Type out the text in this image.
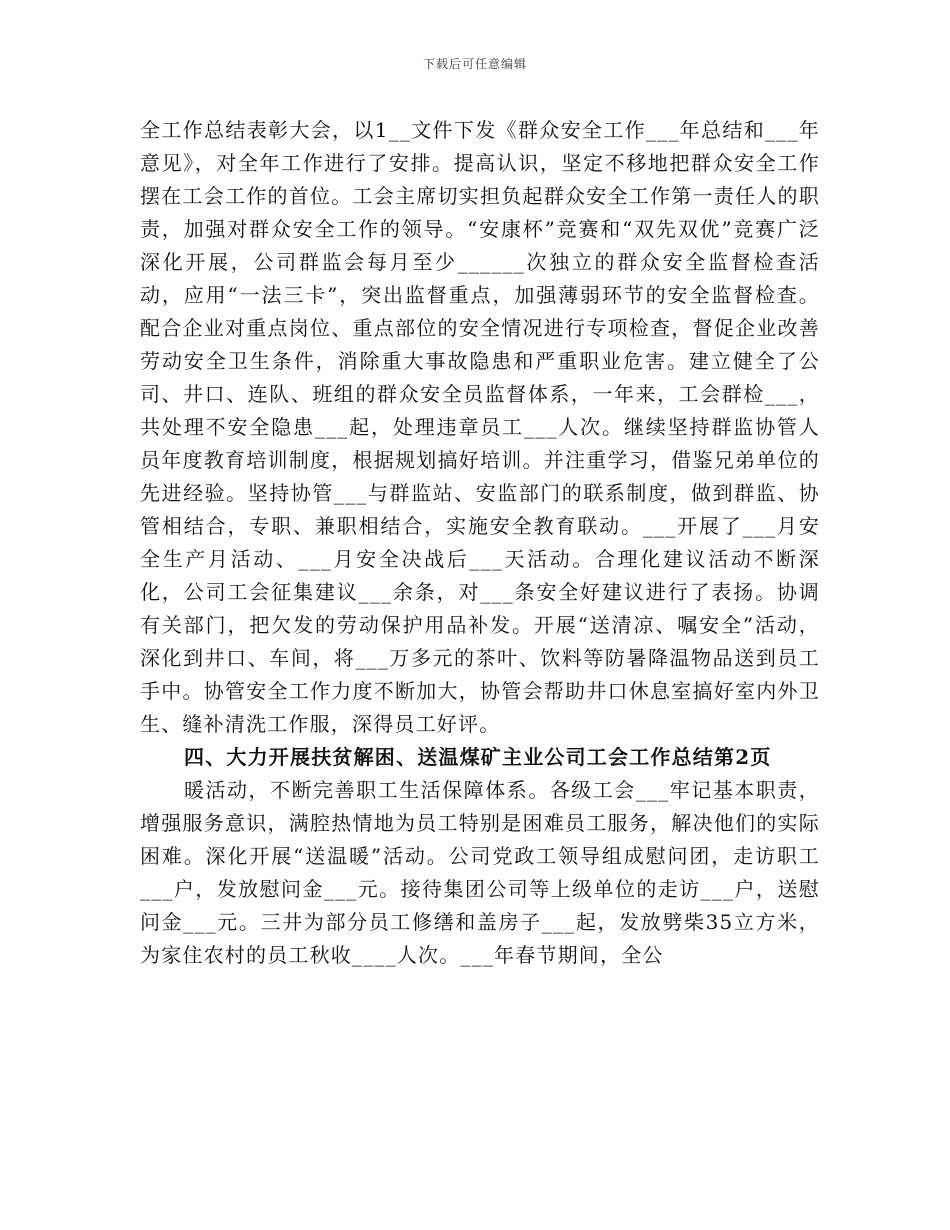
下载后可任意编辑

全工作总结表彰大会，以1__文件下发《群众安全工作___年总结和___年意见》，对全年工作进行了安排。提高认识，坚定不移地把群众安全工作摆在工会工作的首位。工会主席切实担负起群众安全工作第一责任人的职责，加强对群众安全工作的领导。“安康杯”竞赛和“双先双优”竞赛广泛深化开展，公司群监会每月至少______次独立的群众安全监督检查活动，应用“一法三卡”，突出监督重点，加强薄弱环节的安全监督检查。配合企业对重点岗位、重点部位的安全情况进行专项检查，督促企业改善劳动安全卫生条件，消除重大事故隐患和严重职业危害。建立健全了公司、井口、连队、班组的群众安全员监督体系，一年来，工会群检___，共处理不安全隐患___起，处理违章员工___人次。继续坚持群监协管人员年度教育培训制度，根据规划搞好培训。并注重学习，借鉴兄弟单位的先进经验。坚持协管___与群监站、安监部门的联系制度，做到群监、协管相结合，专职、兼职相结合，实施安全教育联动。___开展了___月安全生产月活动、___月安全决战后___天活动。合理化建议活动不断深化，公司工会征集建议___余条，对___条安全好建议进行了表扬。协调有关部门，把欠发的劳动保护用品补发。开展“送清凉、嘱安全”活动，深化到井口、车间，将___万多元的茶叶、饮料等防暑降温物品送到员工手中。协管安全工作力度不断加大，协管会帮助井口休息室搞好室内外卫生、缝补清洗工作服，深得员工好评。

四、大力开展扶贫解困、送温煤矿主业公司工会工作总结第2页

暖活动，不断完善职工生活保障体系。各级工会___牢记基本职责，增强服务意识，满腔热情地为员工特别是困难员工服务，解决他们的实际困难。深化开展“送温暖”活动。公司党政工领导组成慰问团，走访职工___户，发放慰问金___元。接待集团公司等上级单位的走访___户，送慰问金___元。三井为部分员工修缮和盖房子___起，发放劈柴35立方米，为家住农村的员工秋收____人次。___年春节期间，全公
